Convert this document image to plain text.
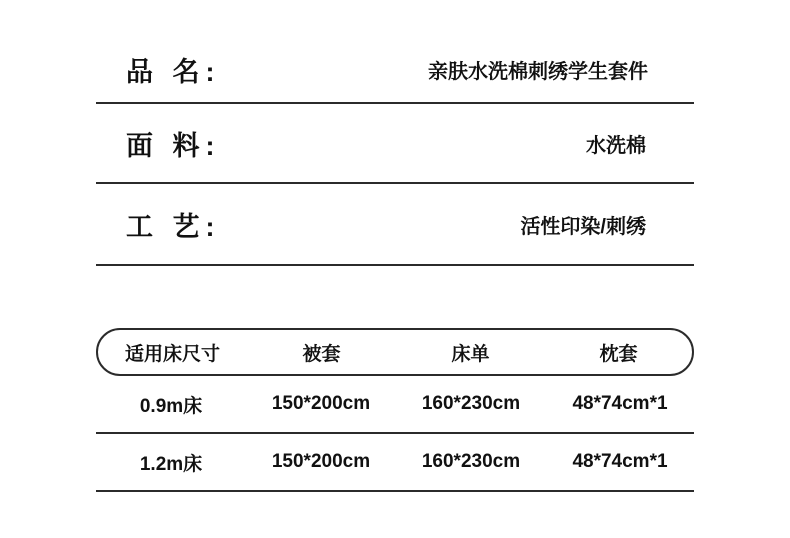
品 名:	亲肤水洗棉刺绣学生套件
面 料:	水洗棉
工 艺:	活性印染/刺绣
适用床尺寸	被套	床单	枕套
0.9m床	150*200cm	160*230cm	48*74cm*1
1.2m床	150*200cm	160*230cm	48*74cm*1
